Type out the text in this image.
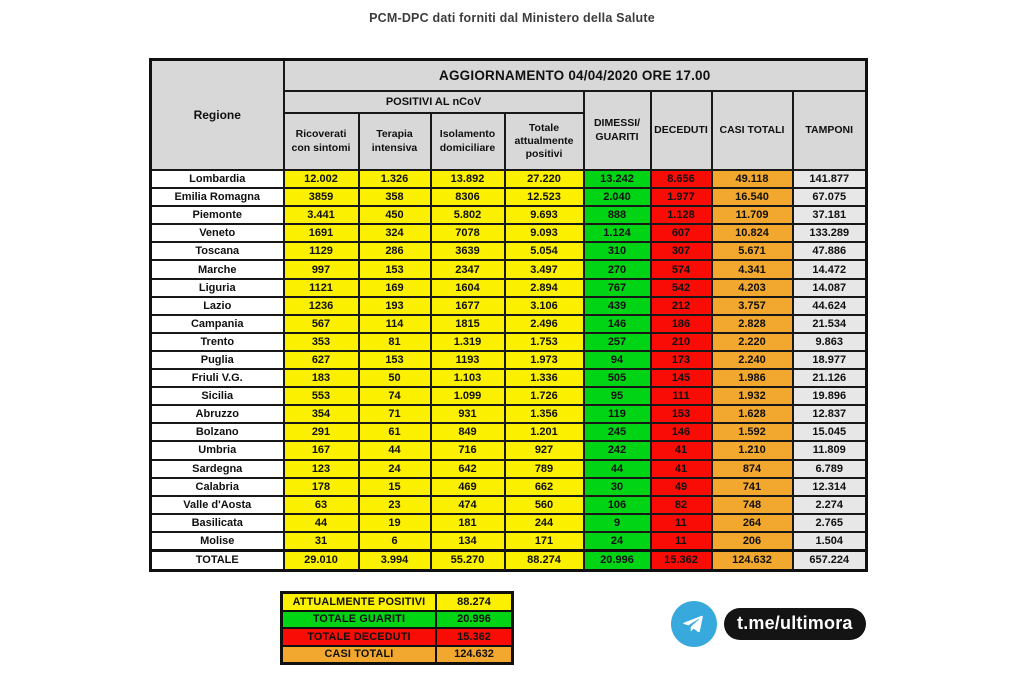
PCM-DPC dati forniti dal Ministero della Salute
Regione	AGGIORNAMENTO 04/04/2020 ORE 17.00							
	POSITIVI AL nCoV				DIMESSI/ GUARITI	DECEDUTI	CASI TOTALI	TAMPONI
	Ricoverati con sintomi	Terapia intensiva	Isolamento domiciliare	Totale attualmente positivi				
Lombardia	12.002	1.326	13.892	27.220	13.242	8.656	49.118	141.877
Emilia Romagna	3859	358	8306	12.523	2.040	1.977	16.540	67.075
Piemonte	3.441	450	5.802	9.693	888	1.128	11.709	37.181
Veneto	1691	324	7078	9.093	1.124	607	10.824	133.289
Toscana	1129	286	3639	5.054	310	307	5.671	47.886
Marche	997	153	2347	3.497	270	574	4.341	14.472
Liguria	1121	169	1604	2.894	767	542	4.203	14.087
Lazio	1236	193	1677	3.106	439	212	3.757	44.624
Campania	567	114	1815	2.496	146	186	2.828	21.534
Trento	353	81	1.319	1.753	257	210	2.220	9.863
Puglia	627	153	1193	1.973	94	173	2.240	18.977
Friuli V.G.	183	50	1.103	1.336	505	145	1.986	21.126
Sicilia	553	74	1.099	1.726	95	111	1.932	19.896
Abruzzo	354	71	931	1.356	119	153	1.628	12.837
Bolzano	291	61	849	1.201	245	146	1.592	15.045
Umbria	167	44	716	927	242	41	1.210	11.809
Sardegna	123	24	642	789	44	41	874	6.789
Calabria	178	15	469	662	30	49	741	12.314
Valle d'Aosta	63	23	474	560	106	82	748	2.274
Basilicata	44	19	181	244	9	11	264	2.765
Molise	31	6	134	171	24	11	206	1.504
TOTALE	29.010	3.994	55.270	88.274	20.996	15.362	124.632	657.224
ATTUALMENTE POSITIVI	88.274
TOTALE GUARITI	20.996
TOTALE DECEDUTI	15.362
CASI TOTALI	124.632
t.me/ultimora
